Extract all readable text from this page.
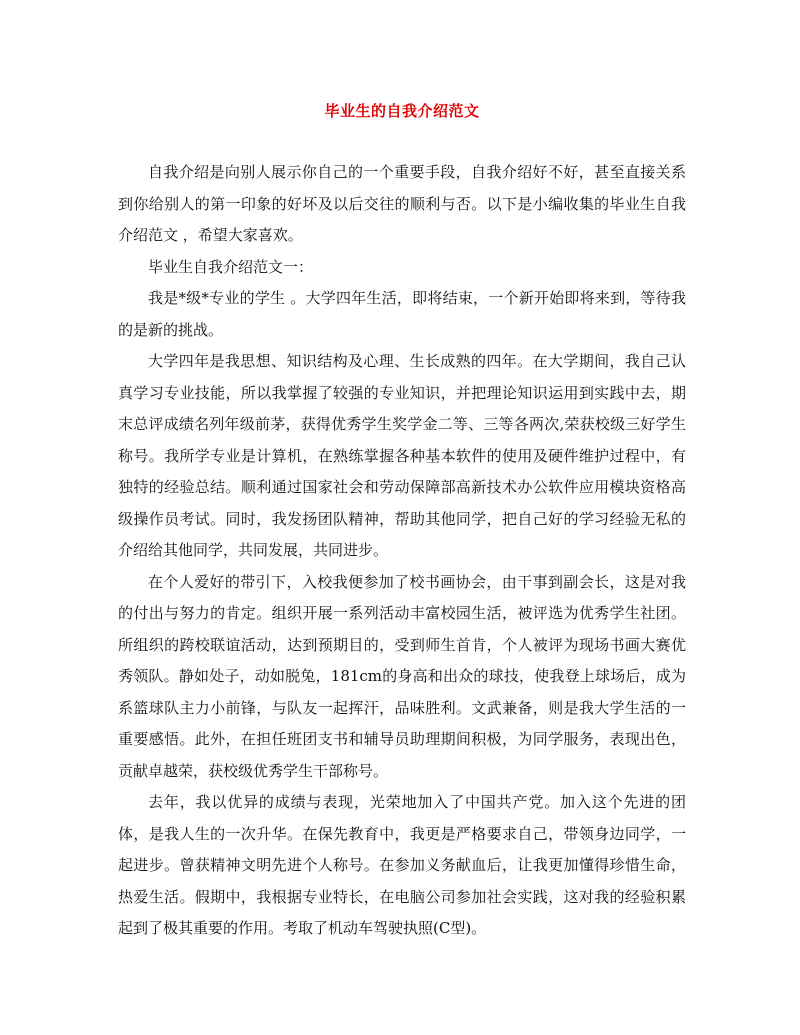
毕业生的自我介绍范文

自我介绍是向别人展示你自己的一个重要手段，自我介绍好不好，甚至直接关系到你给别人的第一印象的好坏及以后交往的顺利与否。以下是小编收集的毕业生自我介绍范文 ，希望大家喜欢。

毕业生自我介绍范文一：

我是*级*专业的学生 。大学四年生活，即将结束，一个新开始即将来到，等待我的是新的挑战。

大学四年是我思想、知识结构及心理、生长成熟的四年。在大学期间，我自己认真学习专业技能，所以我掌握了较强的专业知识，并把理论知识运用到实践中去，期末总评成绩名列年级前茅，获得优秀学生奖学金二等、三等各两次,荣获校级三好学生称号。我所学专业是计算机，在熟练掌握各种基本软件的使用及硬件维护过程中，有独特的经验总结。顺利通过国家社会和劳动保障部高新技术办公软件应用模块资格高级操作员考试。同时，我发扬团队精神，帮助其他同学，把自己好的学习经验无私的介绍给其他同学，共同发展，共同进步。

在个人爱好的带引下，入校我便参加了校书画协会，由干事到副会长，这是对我的付出与努力的肯定。组织开展一系列活动丰富校园生活，被评选为优秀学生社团。所组织的跨校联谊活动，达到预期目的，受到师生首肯，个人被评为现场书画大赛优秀领队。静如处子，动如脱兔，181cm的身高和出众的球技，使我登上球场后，成为系篮球队主力小前锋，与队友一起挥汗，品味胜利。文武兼备，则是我大学生活的一重要感悟。此外，在担任班团支书和辅导员助理期间积极，为同学服务，表现出色，贡献卓越荣，获校级优秀学生干部称号。

去年，我以优异的成绩与表现，光荣地加入了中国共产党。加入这个先进的团体，是我人生的一次升华。在保先教育中，我更是严格要求自己，带领身边同学，一起进步。曾获精神文明先进个人称号。在参加义务献血后，让我更加懂得珍惜生命，热爱生活。假期中，我根据专业特长，在电脑公司参加社会实践，这对我的经验积累起到了极其重要的作用。考取了机动车驾驶执照(C型)。
